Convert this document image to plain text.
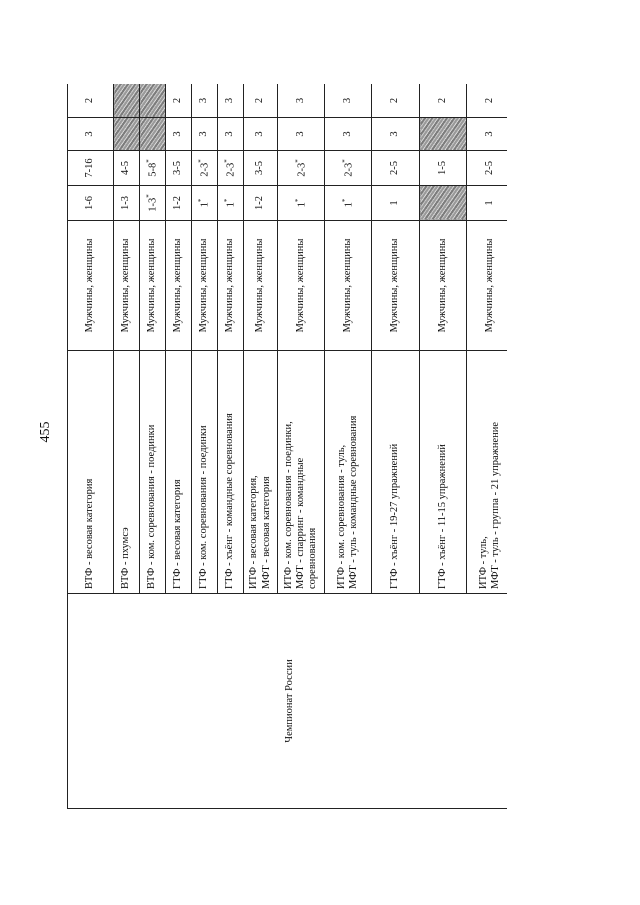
455
Чемпионат России	ВТФ - весовая категория	Мужчины, женщины	1-6	7-16	3	2
	ВТФ - пхумсэ	Мужчины, женщины	1-3	4-5		
	ВТФ - ком. соревнования - поединки	Мужчины, женщины	1-3*	5-8*		
	ГТФ - весовая категория	Мужчины, женщины	1-2	3-5	3	2
	ГТФ - ком. соревнования - поединки	Мужчины, женщины	1*	2-3*	3	3
	ГТФ - хъёнг - командные соревнования	Мужчины, женщины	1*	2-3*	3	3
	ИТФ - весовая категория,
МФТ - весовая категория	Мужчины, женщины	1-2	3-5	3	2
	ИТФ - ком. соревнования - поединки,
МФТ - спарринг - командные
соревнования	Мужчины, женщины	1*	2-3*	3	3
	ИТФ - ком. соревнования - туль,
МФТ - туль - командные соревнования	Мужчины, женщины	1*	2-3*	3	3
	ГТФ - хъёнг - 19-27 упражнений	Мужчины, женщины	1	2-5	3	2
	ГТФ - хъёнг - 11-15 упражнений	Мужчины, женщины		1-5		2
	ИТФ - туль,
МФТ - туль - группа - 21 упражнение	Мужчины, женщины	1	2-5	3	2
